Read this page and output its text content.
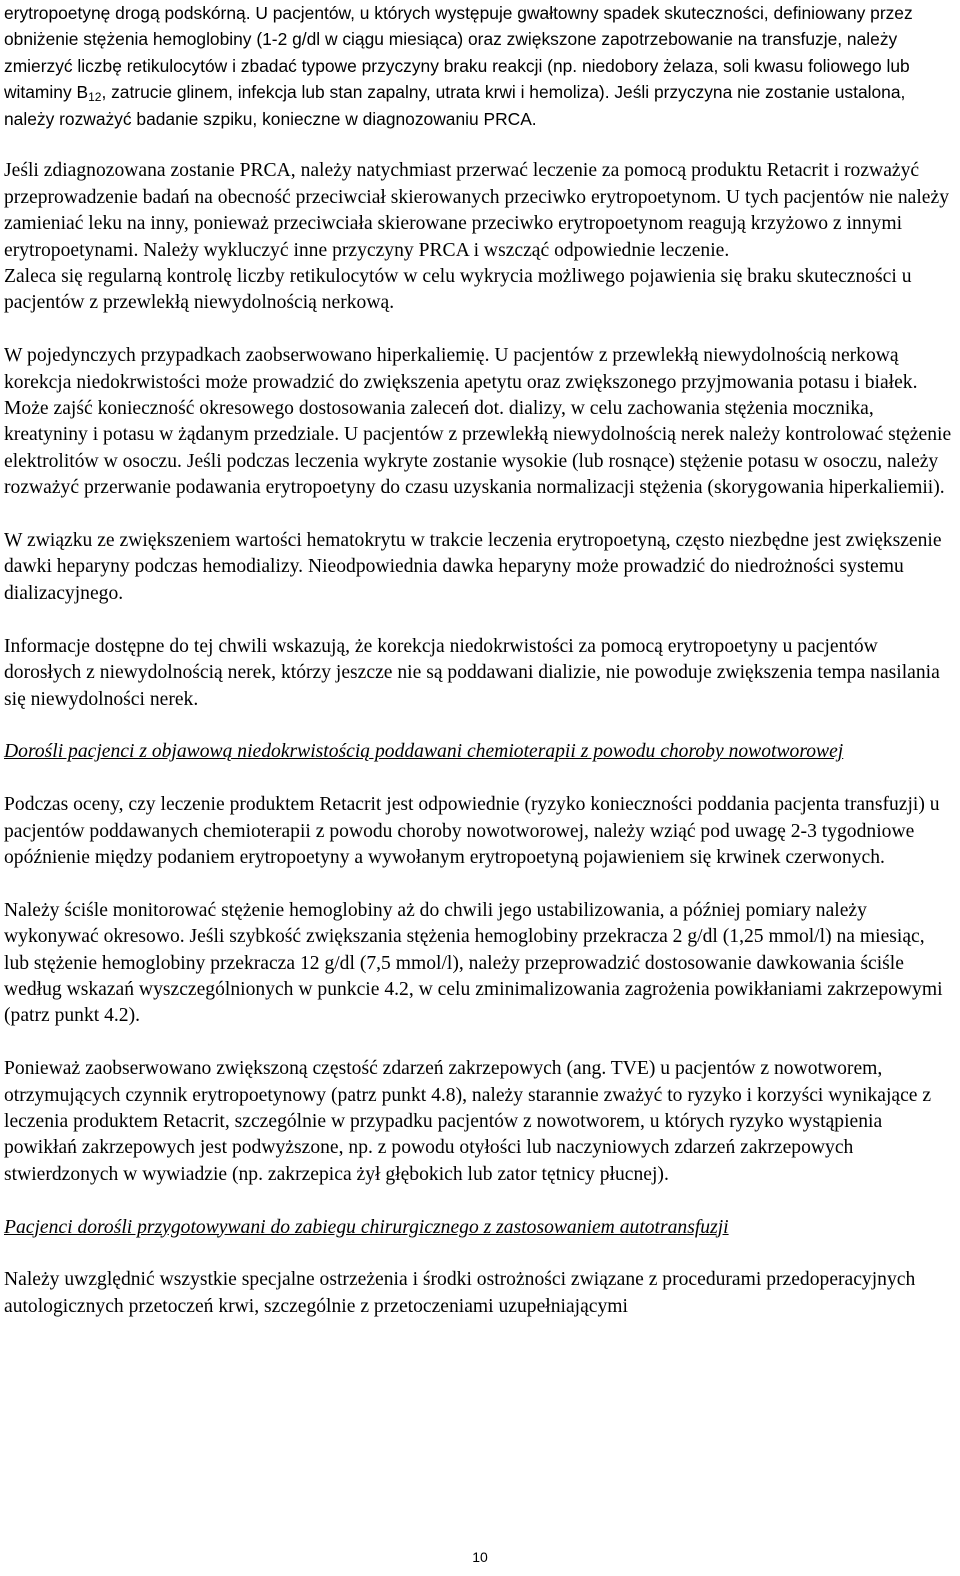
erytropoetynę drogą podskórną. U pacjentów, u których występuje gwałtowny spadek skuteczności, definiowany przez obniżenie stężenia hemoglobiny (1-2 g/dl w ciągu miesiąca) oraz zwiększone zapotrzebowanie na transfuzje, należy zmierzyć liczbę retikulocytów i zbadać typowe przyczyny braku reakcji (np. niedobory żelaza, soli kwasu foliowego lub witaminy $B_{12}$, zatrucie glinem, infekcja lub stan zapalny, utrata krwi i hemoliza). Jeśli przyczyna nie zostanie ustalona, należy rozważyć badanie szpiku, konieczne w diagnozowaniu PRCA.

Jeśli zdiagnozowana zostanie PRCA, należy natychmiast przerwać leczenie za pomocą produktu Retacrit i rozważyć przeprowadzenie badań na obecność przeciwciał skierowanych przeciwko erytropoetynom. U tych pacjentów nie należy zamieniać leku na inny, ponieważ przeciwciała skierowane przeciwko erytropoetynom reagują krzyżowo z innymi erytropoetynami. Należy wykluczyć inne przyczyny PRCA i wszcząć odpowiednie leczenie.

Zaleca się regularną kontrolę liczby retikulocytów w celu wykrycia możliwego pojawienia się braku skuteczności u pacjentów z przewlekłą niewydolnością nerkową.

W pojedynczych przypadkach zaobserwowano hiperkaliemię. U pacjentów z przewlekłą niewydolnością nerkową korekcja niedokrwistości może prowadzić do zwiększenia apetytu oraz zwiększonego przyjmowania potasu i białek. Może zajść konieczność okresowego dostosowania zaleceń dot. dializy, w celu zachowania stężenia mocznika, kreatyniny i potasu w żądanym przedziale. U pacjentów z przewlekłą niewydolnością nerek należy kontrolować stężenie elektrolitów w osoczu. Jeśli podczas leczenia wykryte zostanie wysokie (lub rosnące) stężenie potasu w osoczu, należy rozważyć przerwanie podawania erytropoetyny do czasu uzyskania normalizacji stężenia (skorygowania hiperkaliemii).

W związku ze zwiększeniem wartości hematokrytu w trakcie leczenia erytropoetyną, często niezbędne jest zwiększenie dawki heparyny podczas hemodializy. Nieodpowiednia dawka heparyny może prowadzić do niedrożności systemu dializacyjnego.

Informacje dostępne do tej chwili wskazują, że korekcja niedokrwistości za pomocą erytropoetyny u pacjentów dorosłych z niewydolnością nerek, którzy jeszcze nie są poddawani dializie, nie powoduje zwiększenia tempa nasilania się niewydolności nerek.

Dorośli pacjenci z objawową niedokrwistością poddawani chemioterapii z powodu choroby nowotworowej

Podczas oceny, czy leczenie produktem Retacrit jest odpowiednie (ryzyko konieczności poddania pacjenta transfuzji) u pacjentów poddawanych chemioterapii z powodu choroby nowotworowej, należy wziąć pod uwagę 2-3 tygodniowe opóźnienie między podaniem erytropoetyny a wywołanym erytropoetyną pojawieniem się krwinek czerwonych.

Należy ściśle monitorować stężenie hemoglobiny aż do chwili jego ustabilizowania, a później pomiary należy wykonywać okresowo. Jeśli szybkość zwiększania stężenia hemoglobiny przekracza 2 g/dl (1,25 mmol/l) na miesiąc, lub stężenie hemoglobiny przekracza 12 g/dl (7,5 mmol/l), należy przeprowadzić dostosowanie dawkowania ściśle według wskazań wyszczególnionych w punkcie 4.2, w celu zminimalizowania zagrożenia powikłaniami zakrzepowymi (patrz punkt 4.2).

Ponieważ zaobserwowano zwiększoną częstość zdarzeń zakrzepowych (ang. TVE) u pacjentów z nowotworem, otrzymujących czynnik erytropoetynowy (patrz punkt 4.8), należy starannie zważyć to ryzyko i korzyści wynikające z leczenia produktem Retacrit, szczególnie w przypadku pacjentów z nowotworem, u których ryzyko wystąpienia powikłań zakrzepowych jest podwyższone, np. z powodu otyłości lub naczyniowych zdarzeń zakrzepowych stwierdzonych w wywiadzie (np. zakrzepica żył głębokich lub zator tętnicy płucnej).

Pacjenci dorośli przygotowywani do zabiegu chirurgicznego z zastosowaniem autotransfuzji

Należy uwzględnić wszystkie specjalne ostrzeżenia i środki ostrożności związane z procedurami przedoperacyjnych autologicznych przetoczeń krwi, szczególnie z przetoczeniami uzupełniającymi

10
